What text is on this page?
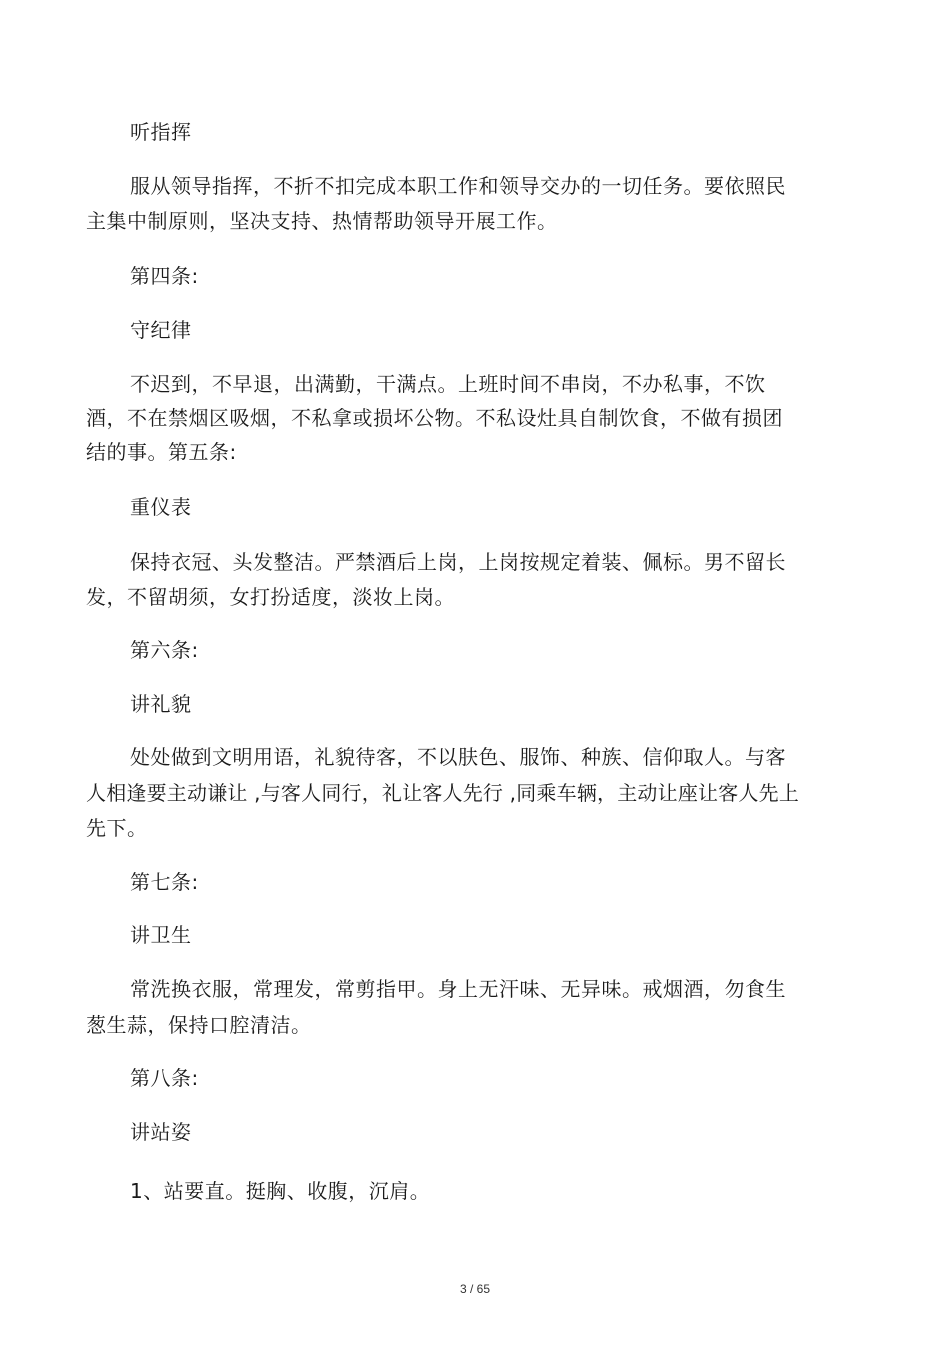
听指挥
服从领导指挥，不折不扣完成本职工作和领导交办的一切任务。要依照民
主集中制原则，坚决支持、热情帮助领导开展工作。
第四条:
守纪律
不迟到，不早退，出满勤，干满点。上班时间不串岗，不办私事，不饮
酒，不在禁烟区吸烟，不私拿或损坏公物。不私设灶具自制饮食，不做有损团
结的事。第五条:
重仪表
保持衣冠、头发整洁。严禁酒后上岗，上岗按规定着装、佩标。男不留长
发，不留胡须，女打扮适度，淡妆上岗。
第六条:
讲礼貌
处处做到文明用语，礼貌待客，不以肤色、服饰、种族、信仰取人。与客
人相逢要主动谦让 ,与客人同行，礼让客人先行 ,同乘车辆，主动让座让客人先上
先下。
第七条:
讲卫生
常洗换衣服，常理发，常剪指甲。身上无汗味、无异味。戒烟酒，勿食生
葱生蒜，保持口腔清洁。
第八条:
讲站姿
1、站要直。挺胸、收腹，沉肩。
3 / 65
